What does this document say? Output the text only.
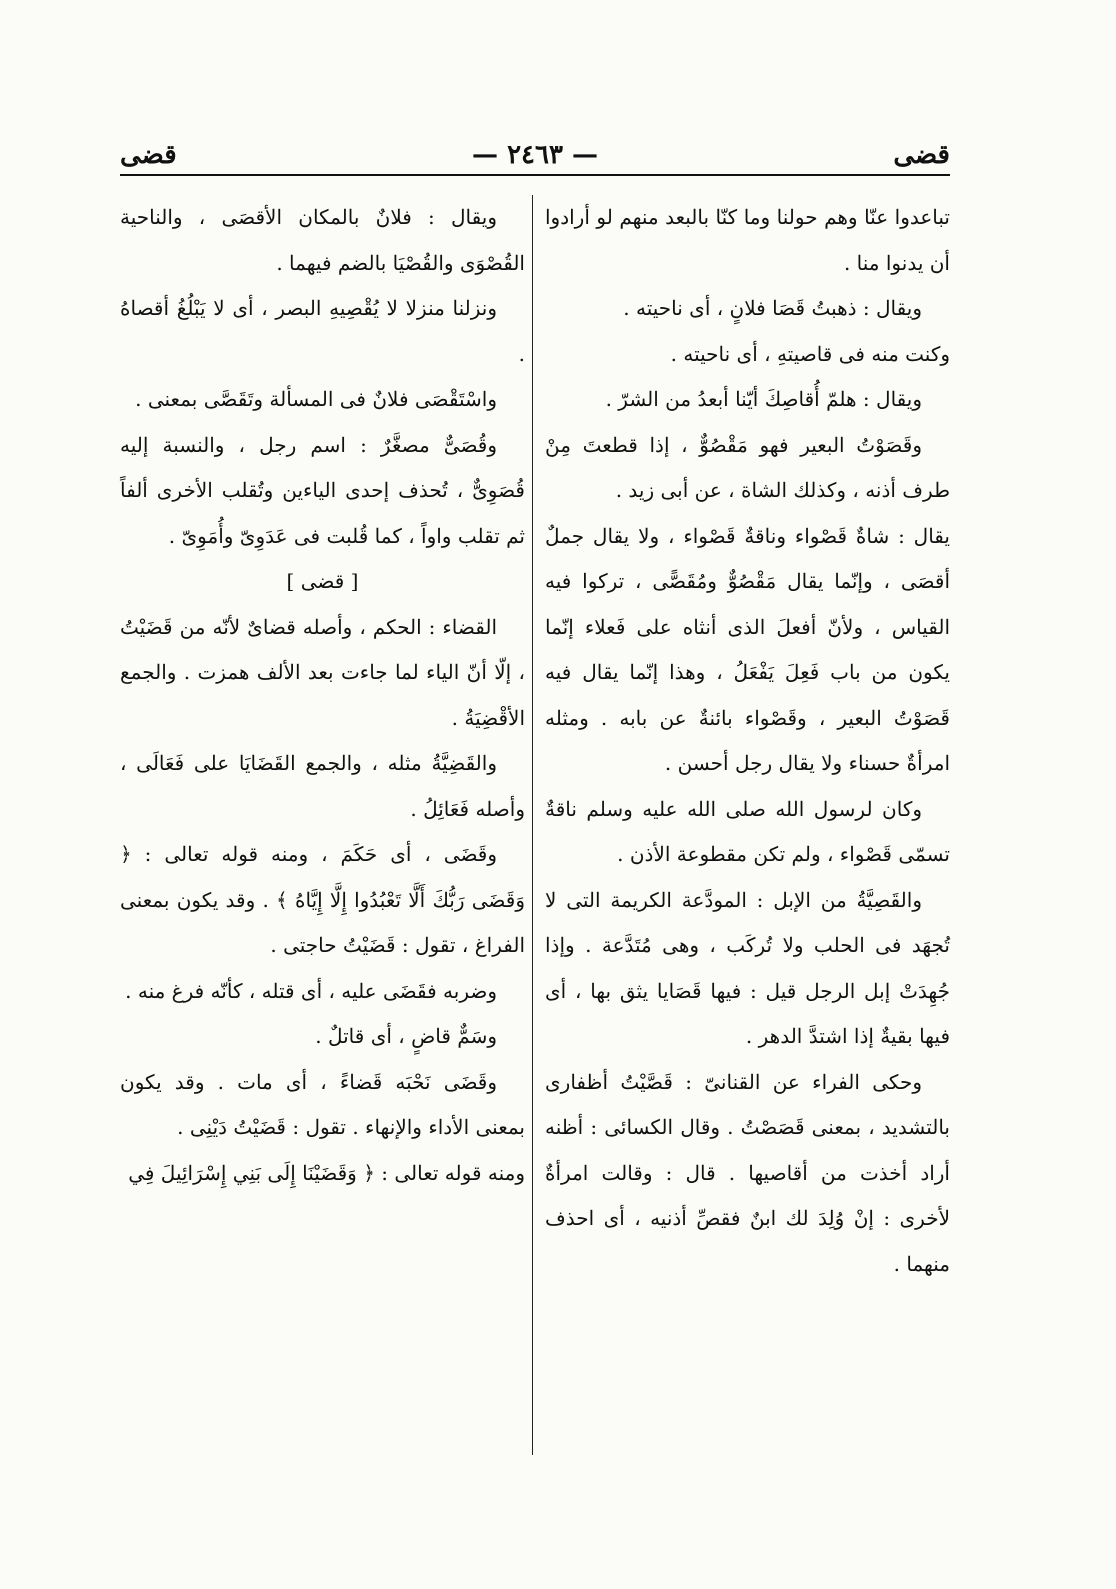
قضى
— ٢٤٦٣ —
قضى

تباعدوا عنّا وهم حولنا وما كنّا بالبعد منهم لو أرادوا أن يدنوا منا .

ويقال : ذهبتُ قَصَا فلانٍ ، أى ناحيته .

وكنت منه فى قاصيتهِ ، أى ناحيته .

ويقال : هلمّ أُقاصِكَ أيّنا أبعدُ من الشرّ .

وقَصَوْتُ البعير فهو مَقْصُوٌّ ، إذا قطعتَ مِنْ طرف أذنه ، وكذلك الشاة ، عن أبى زيد .

يقال : شاةٌ قَصْواء وناقةٌ قَصْواء ، ولا يقال جملٌ أقصَى ، وإنّما يقال مَقْصُوٌّ ومُقَصًّى ، تركوا فيه القياس ، ولأنّ أفعلَ الذى أنثاه على فَعلاء إنّما يكون من باب فَعِلَ يَفْعَلُ ، وهذا إنّما يقال فيه قَصَوْتُ البعير ، وقَصْواء بائنةٌ عن بابه . ومثله امرأةٌ حسناء ولا يقال رجل أحسن .

وكان لرسول الله صلى الله عليه وسلم ناقةٌ تسمّى قَصْواء ، ولم تكن مقطوعة الأذن .

والقَصِيَّةُ من الإبل : المودَّعة الكريمة التى لا تُجهَد فى الحلب ولا تُركَب ، وهى مُتَدَّعة . وإذا جُهِدَتْ إبل الرجل قيل : فيها قَصَايا يثق بها ، أى فيها بقيةٌ إذا اشتدَّ الدهر .

وحكى الفراء عن القنانىّ : قَصَّيْتُ أظفارى بالتشديد ، بمعنى قَصَصْتُ . وقال الكسائى : أظنه أراد أخذت من أقاصيها . قال : وقالت امرأةٌ لأخرى : إنْ وُلِدَ لك ابنٌ فقصِّ أذنيه ، أى احذف منهما .

ويقال : فلانٌ بالمكان الأقصَى ، والناحية القُصْوَى والقُصْيَا بالضم فيهما .

ونزلنا منزلا لا يُقْصِيهِ البصر ، أى لا يَبْلُغُ أقصاهُ .

واسْتَقْصَى فلانٌ فى المسألة وتَقَصَّى بمعنى .

وقُصَىٌّ مصغَّرٌ : اسم رجل ، والنسبة إليه قُصَوِىٌّ ، تُحذف إحدى الياءين وتُقلب الأخرى ألفاً ثم تقلب واواً ، كما قُلبت فى عَدَوِىّ وأُمَوِىّ .

[ قضى ]

القضاء : الحكم ، وأصله قضاىٌ لأنّه من قَضَيْتُ ، إلّا أنّ الياء لما جاءت بعد الألف همزت . والجمع الأقْضِيَةُ .

والقَضِيَّةُ مثله ، والجمع القَضَايَا على فَعَالَى ، وأصله فَعَائِلُ .

وقَضَى ، أى حَكَمَ ، ومنه قوله تعالى : ﴿ وَقَضَى رَبُّكَ أَلَّا تَعْبُدُوا إِلَّا إِيَّاهُ ﴾ . وقد يكون بمعنى الفراغ ، تقول : قَضَيْتُ حاجتى .

وضربه فقَضَى عليه ، أى قتله ، كأنّه فرغ منه .

وسَمٌّ قاضٍ ، أى قاتلٌ .

وقَضَى نَحْبَه قَضاءً ، أى مات . وقد يكون بمعنى الأداء والإنهاء . تقول : قَضَيْتُ دَيْنِى .

ومنه قوله تعالى : ﴿ وَقَضَيْنَا إِلَى بَنِي إِسْرَائِيلَ فِي
